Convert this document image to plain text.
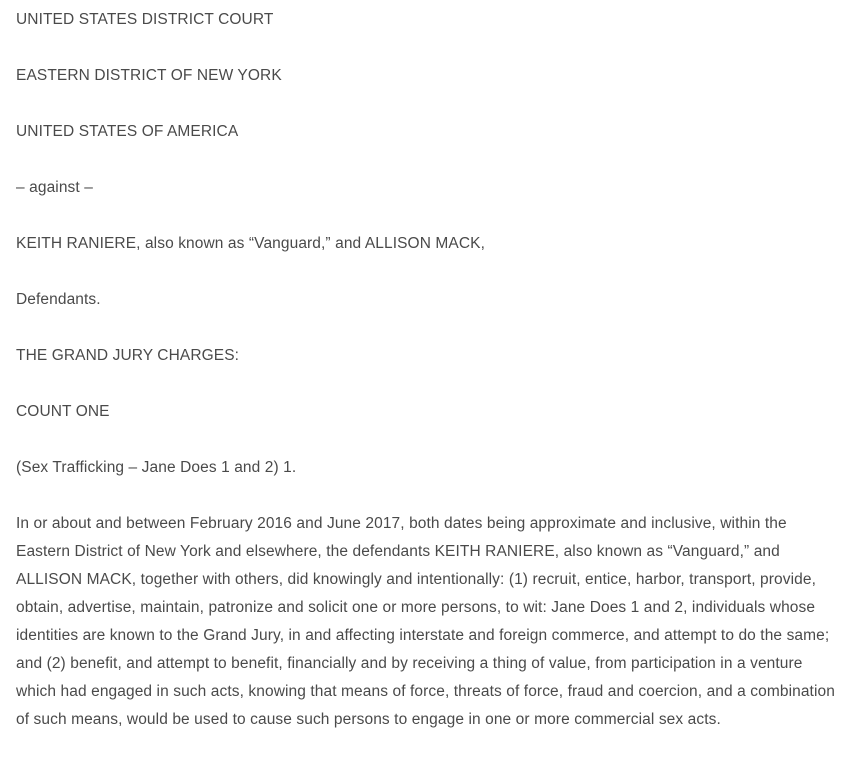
UNITED STATES DISTRICT COURT

EASTERN DISTRICT OF NEW YORK

UNITED STATES OF AMERICA

– against –

KEITH RANIERE, also known as “Vanguard,” and ALLISON MACK,

Defendants.

THE GRAND JURY CHARGES:

COUNT ONE

(Sex Trafficking – Jane Does 1 and 2) 1.

In or about and between February 2016 and June 2017, both dates being approximate and inclusive, within the Eastern District of New York and elsewhere, the defendants KEITH RANIERE, also known as “Vanguard,” and ALLISON MACK, together with others, did knowingly and intentionally: (1) recruit, entice, harbor, transport, provide, obtain, advertise, maintain, patronize and solicit one or more persons, to wit: Jane Does 1 and 2, individuals whose identities are known to the Grand Jury, in and affecting interstate and foreign commerce, and attempt to do the same; and (2) benefit, and attempt to benefit, financially and by receiving a thing of value, from participation in a venture which had engaged in such acts, knowing that means of force, threats of force, fraud and coercion, and a combination of such means, would be used to cause such persons to engage in one or more commercial sex acts.
